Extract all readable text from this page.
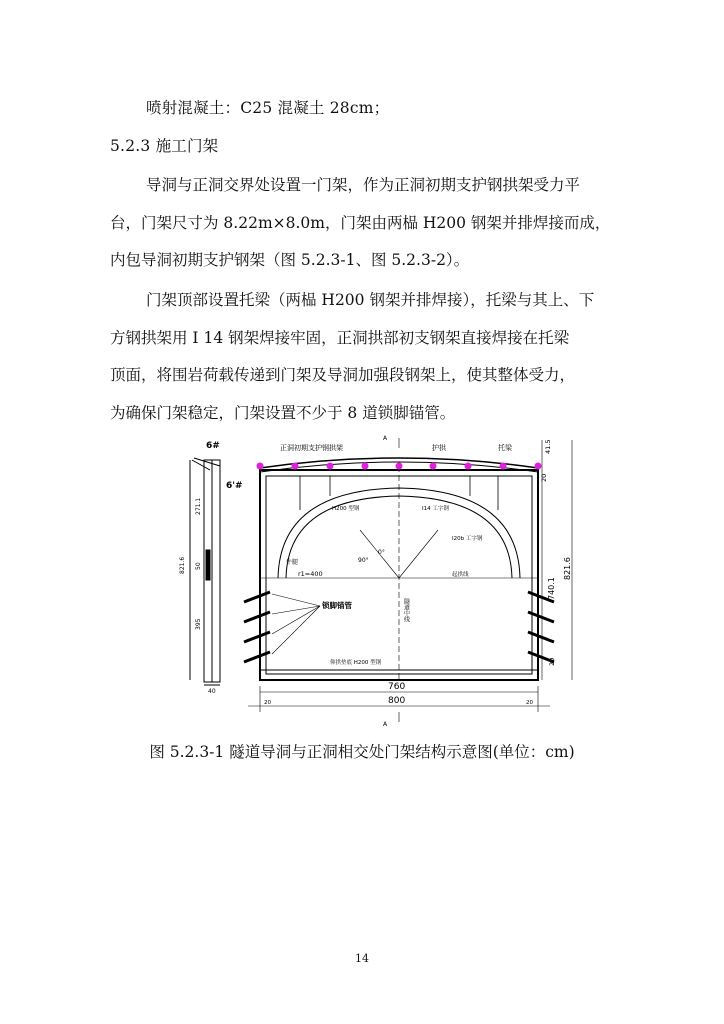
喷射混凝土：C25 混凝土 28cm；
5.2.3 施工门架
导洞与正洞交界处设置一门架，作为正洞初期支护钢拱架受力平
台，门架尺寸为 8.22m×8.0m，门架由两榀 H200 钢架并排焊接而成，
内包导洞初期支护钢架（图 5.2.3-1、图 5.2.3-2）。
门架顶部设置托梁（两榀 H200 钢架并排焊接），托梁与其上、下
方钢拱架用 I 14 钢架焊接牢固，正洞拱部初支钢架直接焊接在托梁
顶面，将围岩荷载传递到门架及导洞加强段钢架上，使其整体受力，
为确保门架稳定，门架设置不少于 8 道锁脚锚管。
6#
6'#
821.6
271.1
50
395
40
A
A
正洞初期支护钢拱架	护拱	托梁
H200 型钢	I14 工字钢
I20b 工字钢
牛腿
r1=400
90°
0°
起拱线
隧道中线
锁脚锚管
仰拱垫底 H200 型钢
41.5
20
740.1
821.6
20
760
800
20	20
图 5.2.3-1 隧道导洞与正洞相交处门架结构示意图(单位：cm)
14
